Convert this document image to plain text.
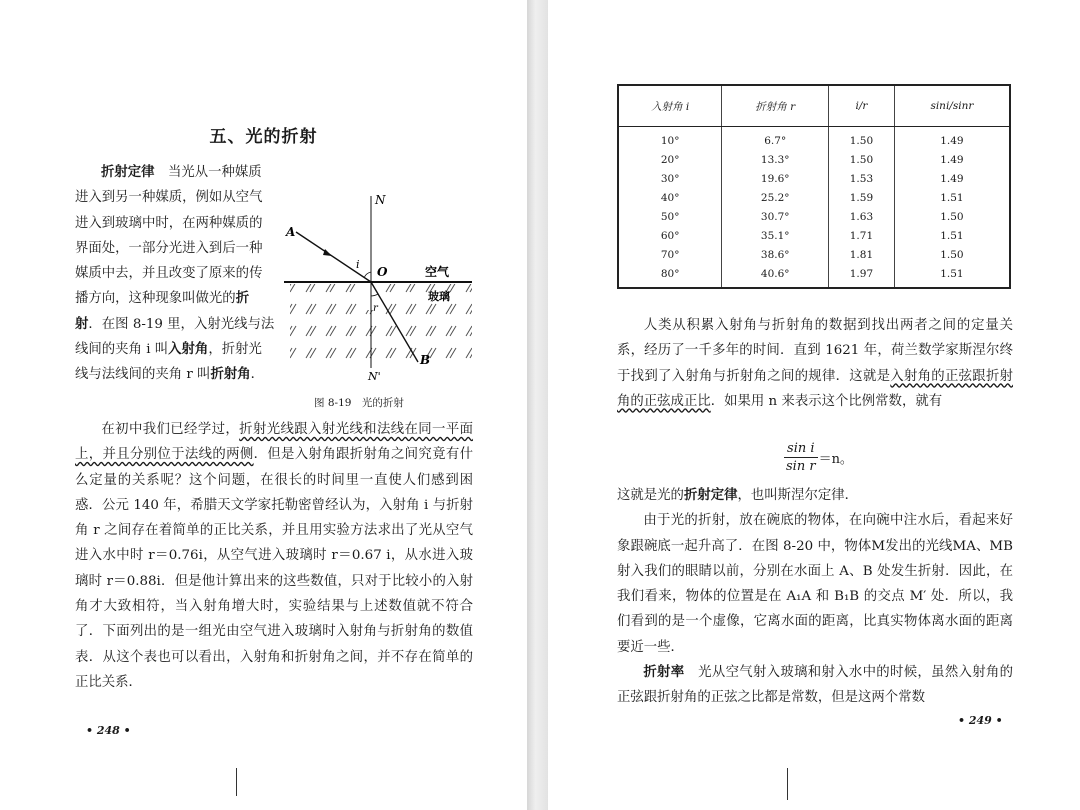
五、光的折射

折射定律　 当光从一种媒质进入到另一种媒质，例如从空气进入到玻璃中时，在两种媒质的界面处，一部分光进入到后一种媒质中去，并且改变了原来的传播方向，这种现象叫做光的折射．在图 8-19 里，入射光线与法线间的夹角 i 叫入射角，折射光线与法线间的夹角 r 叫折射角．

N
A
i
O	空气
玻璃
r
B
N'
图 8-19　光的折射

在初中我们已经学过，折射光线跟入射光线和法线在同一平面上，并且分别位于法线的两侧．但是入射角跟折射角之间究竟有什么定量的关系呢？这个问题，在很长的时间里一直使人们感到困惑．公元 140 年，希腊天文学家托勒密曾经认为，入射角 i 与折射角 r 之间存在着简单的正比关系，并且用实验方法求出了光从空气进入水中时 r＝0.76i，从空气进入玻璃时 r＝0.67 i，从水进入玻璃时 r＝0.88i．但是他计算出来的这些数值，只对于比较小的入射角才大致相符，当入射角增大时，实验结果与上述数值就不符合了．下面列出的是一组光由空气进入玻璃时入射角与折射角的数值表．从这个表也可以看出，入射角和折射角之间，并不存在简单的正比关系．

• 248 •
入射角 i	折射角 r	i/r	sini/sinr
10°	6.7°	1.50	1.49
20°	13.3°	1.50	1.49
30°	19.6°	1.53	1.49
40°	25.2°	1.59	1.51
50°	30.7°	1.63	1.50
60°	35.1°	1.71	1.51
70°	38.6°	1.81	1.50
80°	40.6°	1.97	1.51

人类从积累入射角与折射角的数据到找出两者之间的定量关系，经历了一千多年的时间．直到 1621 年，荷兰数学家斯涅尔终于找到了入射角与折射角之间的规律．这就是入射角的正弦跟折射角的正弦成正比．如果用 n 来表示这个比例常数，就有

$\frac{\text{sin i}}{\text{sin r}} =n$。
这就是光的折射定律，也叫斯涅尔定律．
由于光的折射，放在碗底的物体，在向碗中注水后，看起来好象跟碗底一起升高了．在图 8-20 中，物体M发出的光线MA、MB 射入我们的眼睛以前，分别在水面上 A、B 处发生折射．因此，在我们看来，物体的位置是在 A₁A 和 B₁B 的交点 M′ 处．所以，我们看到的是一个虚像，它离水面的距离，比真实物体离水面的距离要近一些．
折射率　 光从空气射入玻璃和射入水中的时候，虽然入射角的正弦跟折射角的正弦之比都是常数，但是这两个常数
• 249 •
